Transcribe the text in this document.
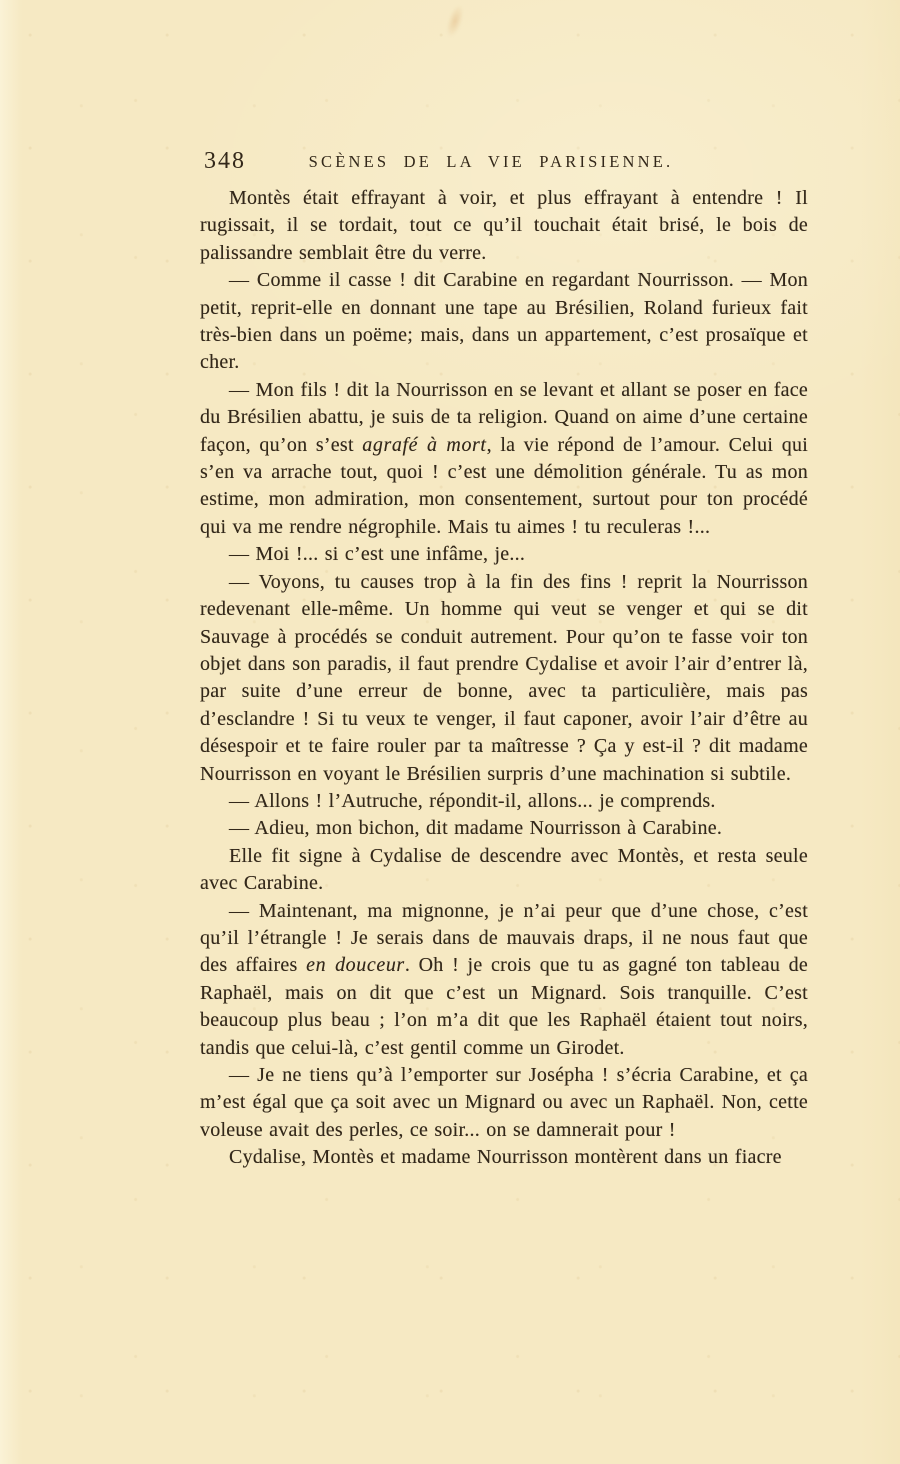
348	SCÈNES DE LA VIE PARISIENNE.

Montès était effrayant à voir, et plus effrayant à entendre ! Il rugissait, il se tordait, tout ce qu’il touchait était brisé, le bois de palissandre semblait être du verre.

— Comme il casse ! dit Carabine en regardant Nourrisson. — Mon petit, reprit-elle en donnant une tape au Brésilien, Roland furieux fait très-bien dans un poëme; mais, dans un appartement, c’est prosaïque et cher.

— Mon fils ! dit la Nourrisson en se levant et allant se poser en face du Brésilien abattu, je suis de ta religion. Quand on aime d’une certaine façon, qu’on s’est agrafé à mort, la vie répond de l’amour. Celui qui s’en va arrache tout, quoi ! c’est une démolition générale. Tu as mon estime, mon admiration, mon consentement, surtout pour ton procédé qui va me rendre négrophile. Mais tu aimes ! tu reculeras !...

— Moi !... si c’est une infâme, je...

— Voyons, tu causes trop à la fin des fins ! reprit la Nourrisson redevenant elle-même. Un homme qui veut se venger et qui se dit Sauvage à procédés se conduit autrement. Pour qu’on te fasse voir ton objet dans son paradis, il faut prendre Cydalise et avoir l’air d’entrer là, par suite d’une erreur de bonne, avec ta particulière, mais pas d’esclandre ! Si tu veux te venger, il faut caponer, avoir l’air d’être au désespoir et te faire rouler par ta maîtresse ? Ça y est-il ? dit madame Nourrisson en voyant le Brésilien surpris d’une machination si subtile.

— Allons ! l’Autruche, répondit-il, allons... je comprends.

— Adieu, mon bichon, dit madame Nourrisson à Carabine.

Elle fit signe à Cydalise de descendre avec Montès, et resta seule avec Carabine.

— Maintenant, ma mignonne, je n’ai peur que d’une chose, c’est qu’il l’étrangle ! Je serais dans de mauvais draps, il ne nous faut que des affaires en douceur. Oh ! je crois que tu as gagné ton tableau de Raphaël, mais on dit que c’est un Mignard. Sois tranquille. C’est beaucoup plus beau ; l’on m’a dit que les Raphaël étaient tout noirs, tandis que celui-là, c’est gentil comme un Girodet.

— Je ne tiens qu’à l’emporter sur Josépha ! s’écria Carabine, et ça m’est égal que ça soit avec un Mignard ou avec un Raphaël. Non, cette voleuse avait des perles, ce soir... on se damnerait pour !

Cydalise, Montès et madame Nourrisson montèrent dans un fiacre
